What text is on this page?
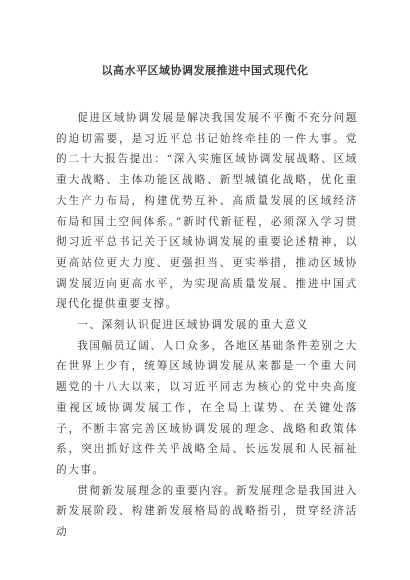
以高水平区域协调发展推进中国式现代化

促进区域协调发展是解决我国发展不平衡不充分问题的迫切需要，是习近平总书记始终牵挂的一件大事。党的二十大报告提出：“深入实施区域协调发展战略、区域重大战略、主体功能区战略、新型城镇化战略，优化重大生产力布局，构建优势互补、高质量发展的区域经济布局和国土空间体系。”新时代新征程，必须深入学习贯彻习近平总书记关于区域协调发展的重要论述精神，以更高站位更大力度、更强担当、更实举措，推动区域协调发展迈向更高水平，为实现高质量发展、推进中国式现代化提供重要支撑。

一、深刻认识促进区域协调发展的重大意义

我国幅员辽阔、人口众多，各地区基础条件差别之大在世界上少有，统筹区域协调发展从来都是一个重大问题党的十八大以来，以习近平同志为核心的党中央高度重视区域协调发展工作，在全局上谋势、在关键处落子，不断丰富完善区域协调发展的理念、战略和政策体系，突出抓好这件关乎战略全局、长远发展和人民福祉的大事。

贯彻新发展理念的重要内容。新发展理念是我国进入新发展阶段、构建新发展格局的战略指引，贯穿经济活动
